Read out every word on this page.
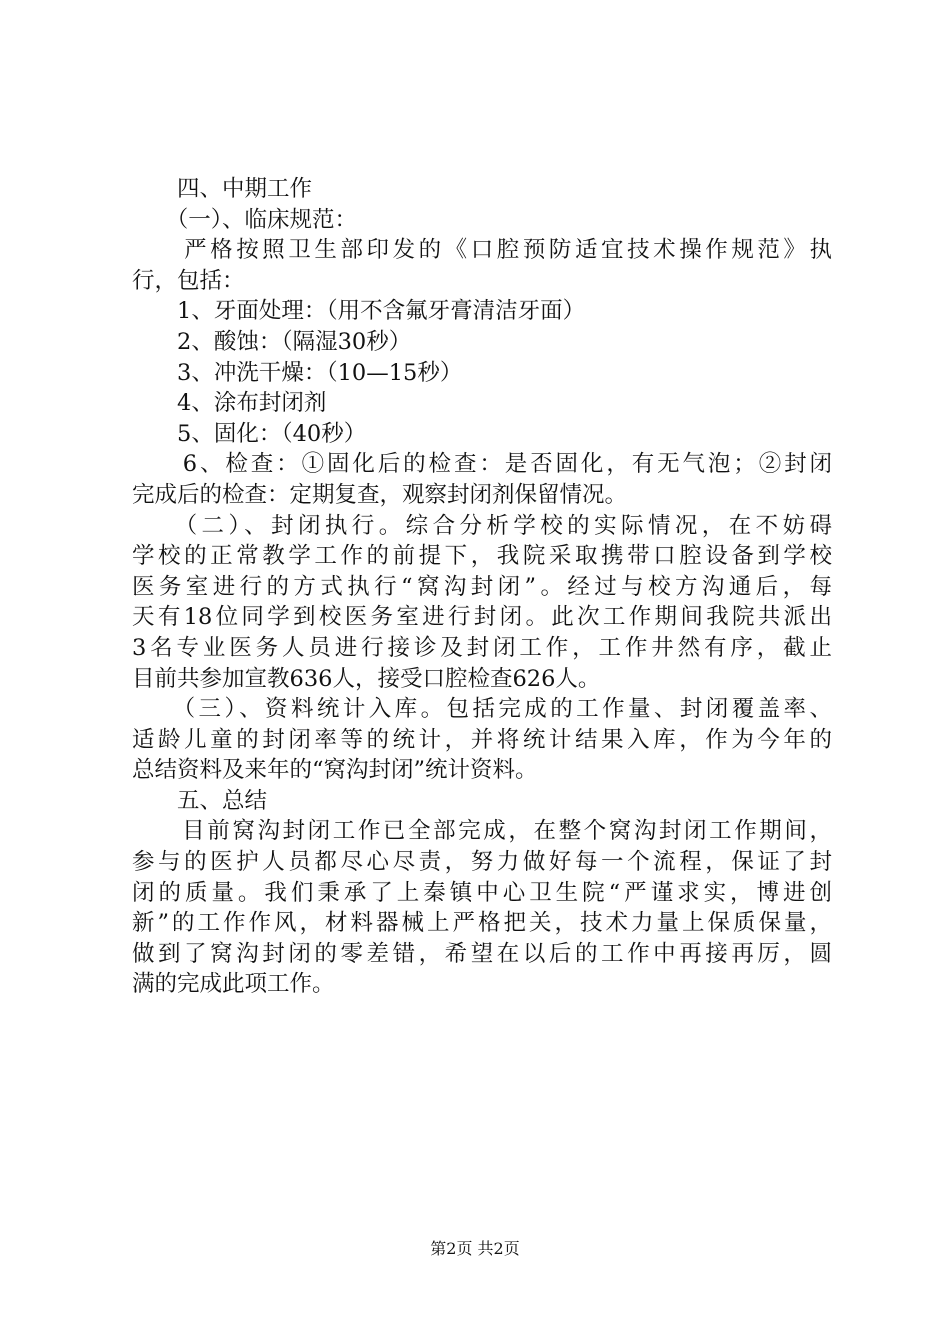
　　四、中期工作
　　（一）、临床规范：
　　严格按照卫生部印发的《口腔预防适宜技术操作规范》执
行，包括：
　　1、牙面处理：（用不含氟牙膏清洁牙面）
　　2、酸蚀：（隔湿30秒）
　　3、冲洗干燥：（10—15秒）
　　4、涂布封闭剂
　　5、固化：（40秒）
　　6、检查：①固化后的检查：是否固化，有无气泡；②封闭
完成后的检查：定期复查，观察封闭剂保留情况。
　　（二）、封闭执行。综合分析学校的实际情况，在不妨碍
学校的正常教学工作的前提下，我院采取携带口腔设备到学校
医务室进行的方式执行“窝沟封闭”。经过与校方沟通后，每
天有18位同学到校医务室进行封闭。此次工作期间我院共派出
3名专业医务人员进行接诊及封闭工作，工作井然有序，截止
目前共参加宣教636人，接受口腔检查626人。
　　（三）、资料统计入库。包括完成的工作量、封闭覆盖率、
适龄儿童的封闭率等的统计，并将统计结果入库，作为今年的
总结资料及来年的“窝沟封闭”统计资料。
　　五、总结
　　目前窝沟封闭工作已全部完成，在整个窝沟封闭工作期间，
参与的医护人员都尽心尽责，努力做好每一个流程，保证了封
闭的质量。我们秉承了上秦镇中心卫生院“严谨求实，博进创
新”的工作作风，材料器械上严格把关，技术力量上保质保量，
做到了窝沟封闭的零差错，希望在以后的工作中再接再厉，圆
满的完成此项工作。
第2页 共2页
